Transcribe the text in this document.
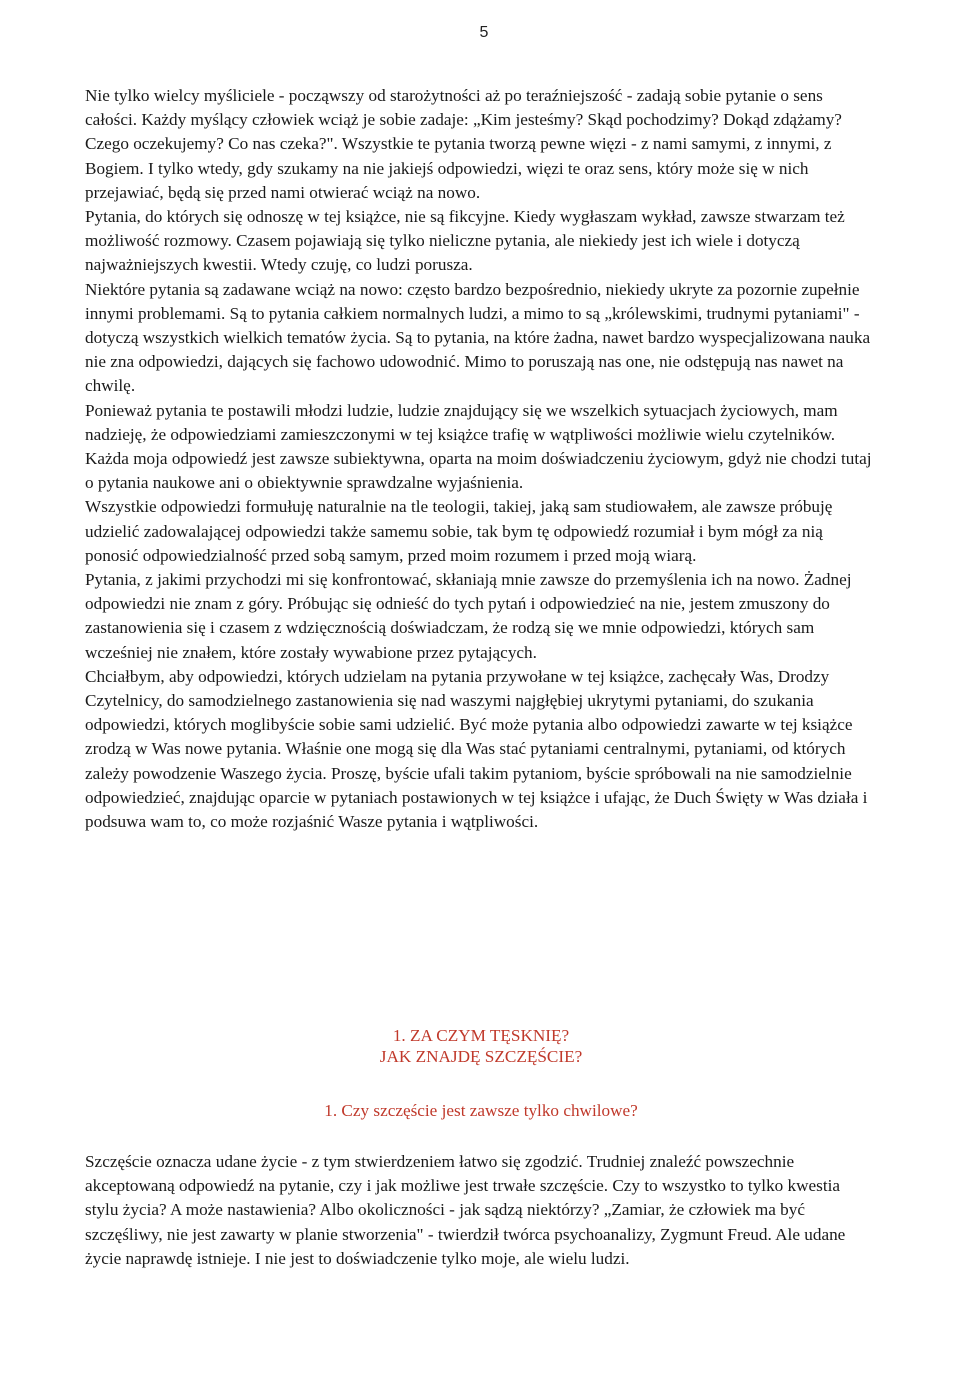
5

Nie tylko wielcy myśliciele - począwszy od starożytności aż po teraźniejszość - zadają sobie pytanie o sens całości. Każdy myślący człowiek wciąż je sobie zadaje: „Kim jesteśmy? Skąd pochodzimy? Dokąd zdążamy? Czego oczekujemy? Co nas czeka?". Wszystkie te pytania tworzą pewne więzi - z nami samymi, z innymi, z Bogiem. I tylko wtedy, gdy szukamy na nie jakiejś odpowiedzi, więzi te oraz sens, który może się w nich przejawiać, będą się przed nami otwierać wciąż na nowo.

Pytania, do których się odnoszę w tej książce, nie są fikcyjne. Kiedy wygłaszam wykład, zawsze stwarzam też możliwość rozmowy. Czasem pojawiają się tylko nieliczne pytania, ale niekiedy jest ich wiele i dotyczą najważniejszych kwestii. Wtedy czuję, co ludzi porusza.

Niektóre pytania są zadawane wciąż na nowo: często bardzo bezpośrednio, niekiedy ukryte za pozornie zupełnie innymi problemami. Są to pytania całkiem normalnych ludzi, a mimo to są „królewskimi, trudnymi pytaniami" - dotyczą wszystkich wielkich tematów życia. Są to pytania, na które żadna, nawet bardzo wyspecjalizowana nauka nie zna odpowiedzi, dających się fachowo udowodnić. Mimo to poruszają nas one, nie odstępują nas nawet na chwilę.

Ponieważ pytania te postawili młodzi ludzie, ludzie znajdujący się we wszelkich sytuacjach życiowych, mam nadzieję, że odpowiedziami zamieszczonymi w tej książce trafię w wątpliwości możliwie wielu czytelników.

Każda moja odpowiedź jest zawsze subiektywna, oparta na moim doświadczeniu życiowym, gdyż nie chodzi tutaj o pytania naukowe ani o obiektywnie sprawdzalne wyjaśnienia.

Wszystkie odpowiedzi formułuję naturalnie na tle teologii, takiej, jaką sam studiowałem, ale zawsze próbuję udzielić zadowalającej odpowiedzi także samemu sobie, tak bym tę odpowiedź rozumiał i bym mógł za nią ponosić odpowiedzialność przed sobą samym, przed moim rozumem i przed moją wiarą.

Pytania, z jakimi przychodzi mi się konfrontować, skłaniają mnie zawsze do przemyślenia ich na nowo. Żadnej odpowiedzi nie znam z góry. Próbując się odnieść do tych pytań i odpowiedzieć na nie, jestem zmuszony do zastanowienia się i czasem z wdzięcznością doświadczam, że rodzą się we mnie odpowiedzi, których sam wcześniej nie znałem, które zostały wywabione przez pytających.

Chciałbym, aby odpowiedzi, których udzielam na pytania przywołane w tej książce, zachęcały Was, Drodzy Czytelnicy, do samodzielnego zastanowienia się nad waszymi najgłębiej ukrytymi pytaniami, do szukania odpowiedzi, których moglibyście sobie sami udzielić. Być może pytania albo odpowiedzi zawarte w tej książce zrodzą w Was nowe pytania. Właśnie one mogą się dla Was stać pytaniami centralnymi, pytaniami, od których zależy powodzenie Waszego życia. Proszę, byście ufali takim pytaniom, byście spróbowali na nie samodzielnie odpowiedzieć, znajdując oparcie w pytaniach postawionych w tej książce i ufając, że Duch Święty w Was działa i podsuwa wam to, co może rozjaśnić Wasze pytania i wątpliwości.

1. ZA CZYM TĘSKNIĘ?
JAK ZNAJDĘ SZCZĘŚCIE?
1. Czy szczęście jest zawsze tylko chwilowe?

Szczęście oznacza udane życie - z tym stwierdzeniem łatwo się zgodzić. Trudniej znaleźć powszechnie akceptowaną odpowiedź na pytanie, czy i jak możliwe jest trwałe szczęście. Czy to wszystko to tylko kwestia stylu życia? A może nastawienia? Albo okoliczności - jak sądzą niektórzy? „Zamiar, że człowiek ma być szczęśliwy, nie jest zawarty w planie stworzenia" - twierdził twórca psychoanalizy, Zygmunt Freud. Ale udane życie naprawdę istnieje. I nie jest to doświadczenie tylko moje, ale wielu ludzi.
